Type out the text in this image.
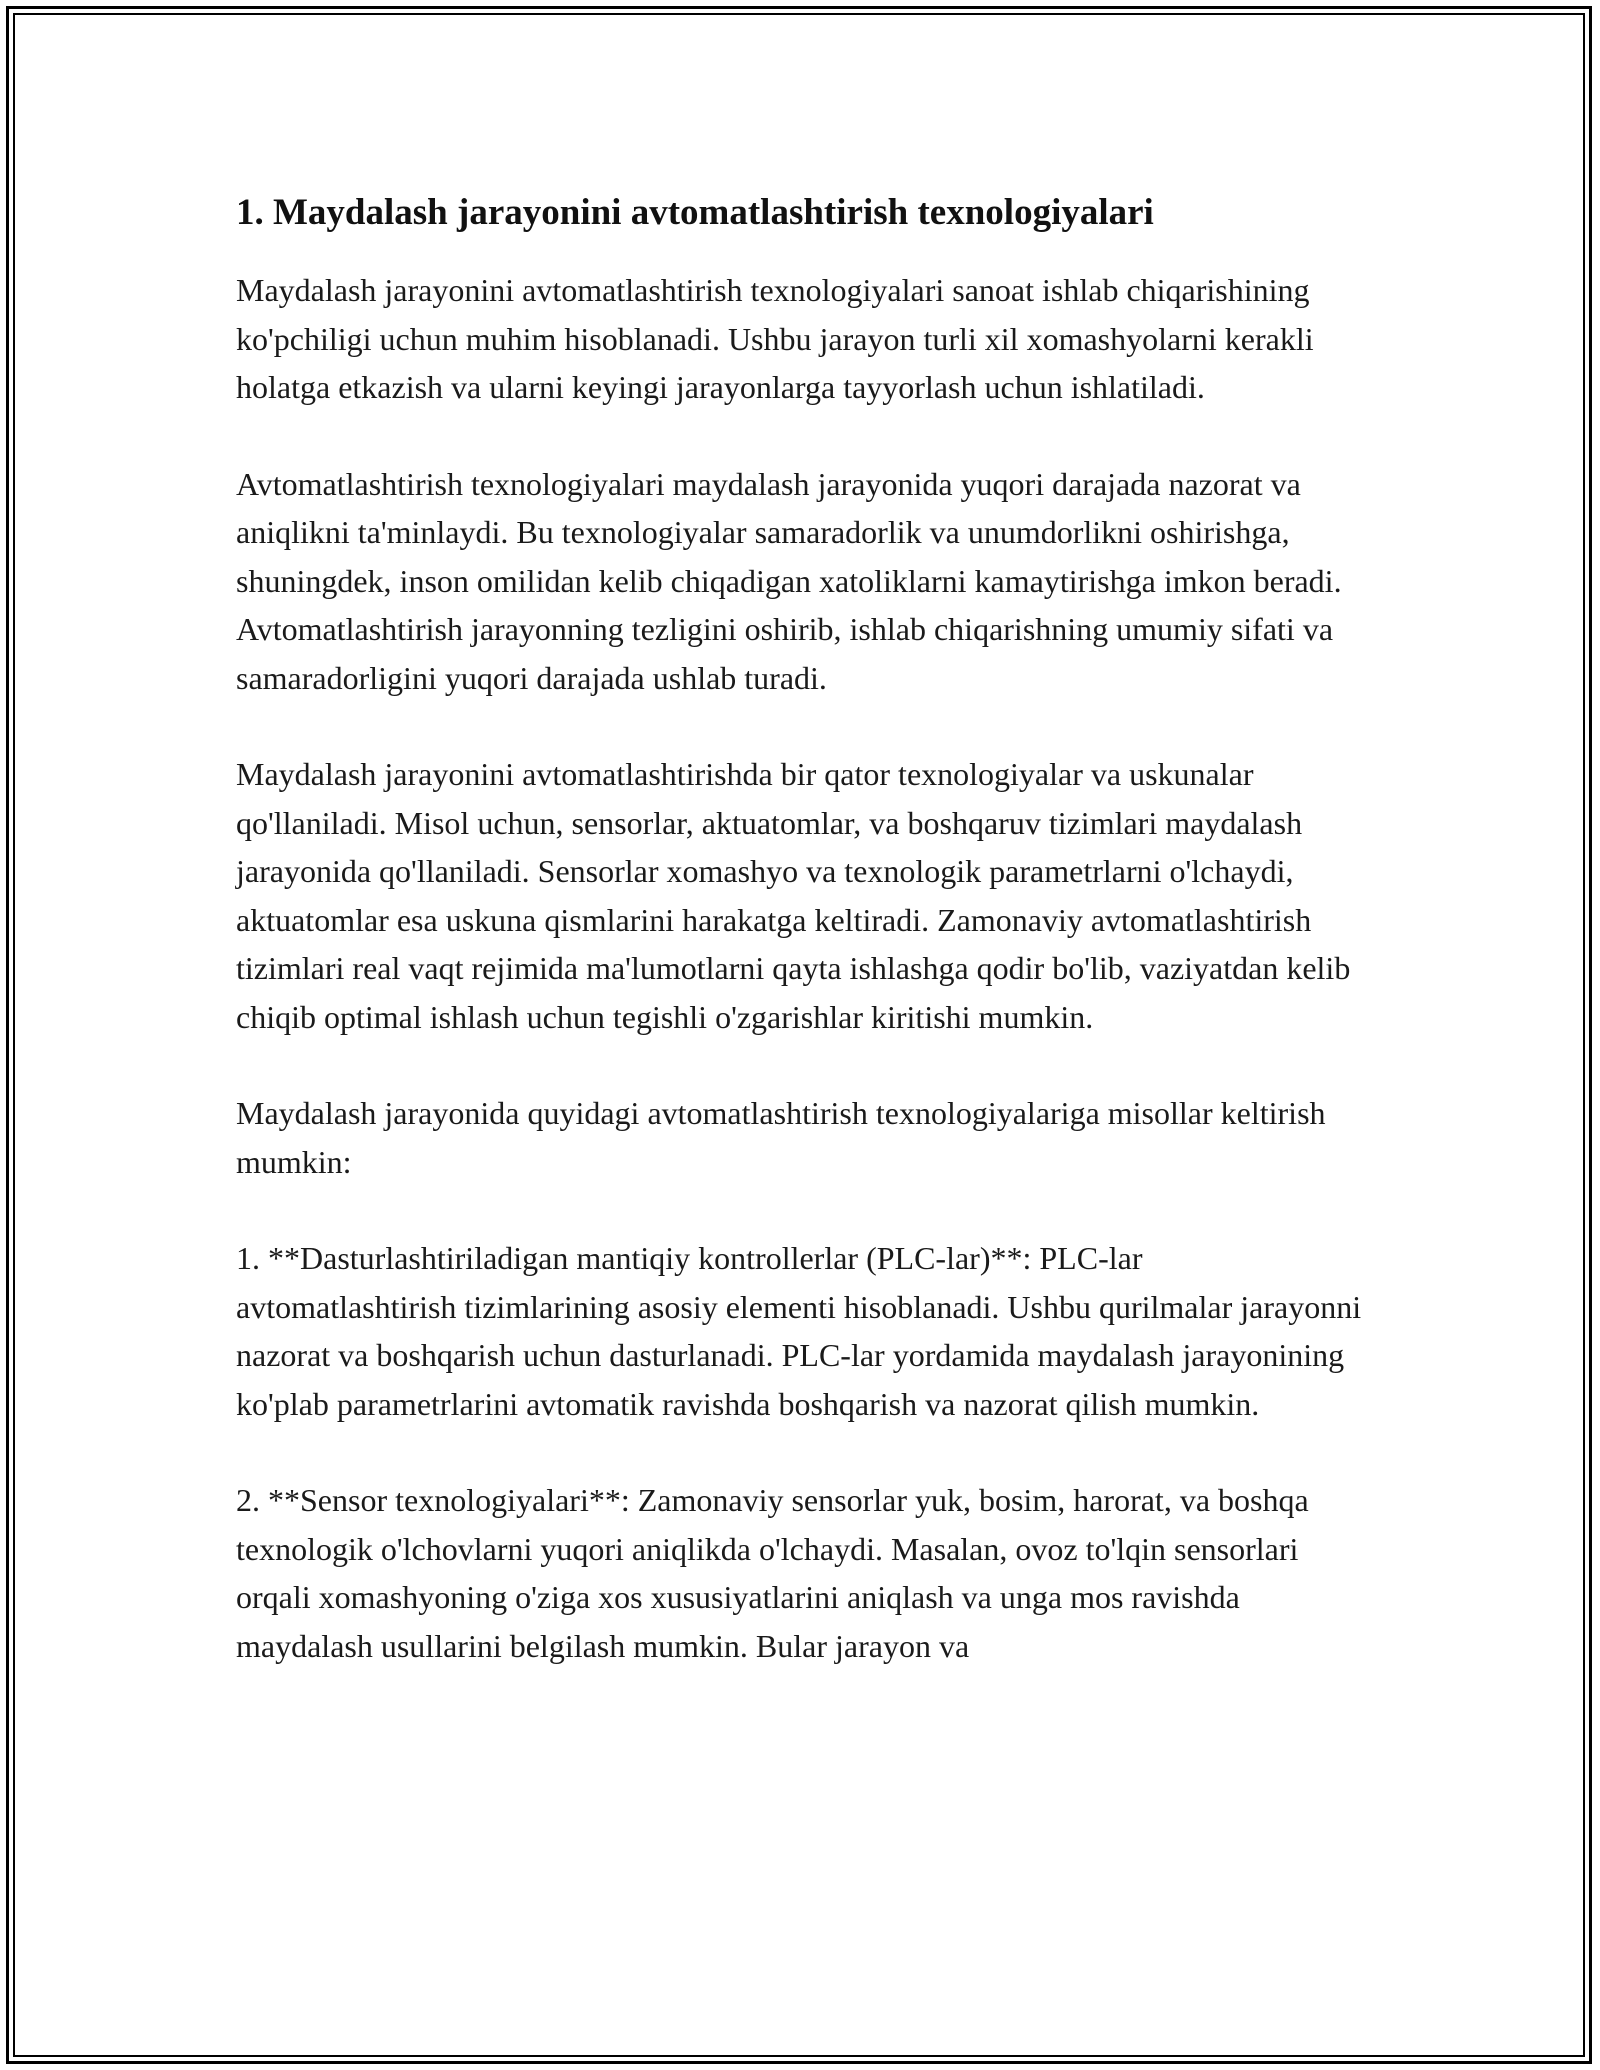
1. Maydalash jarayonini avtomatlashtirish texnologiyalari

Maydalash jarayonini avtomatlashtirish texnologiyalari sanoat ishlab chiqarishining ko'pchiligi uchun muhim hisoblanadi. Ushbu jarayon turli xil xomashyolarni kerakli holatga etkazish va ularni keyingi jarayonlarga tayyorlash uchun ishlatiladi.

Avtomatlashtirish texnologiyalari maydalash jarayonida yuqori darajada nazorat va aniqlikni ta'minlaydi. Bu texnologiyalar samaradorlik va unumdorlikni oshirishga, shuningdek, inson omilidan kelib chiqadigan xatoliklarni kamaytirishga imkon beradi. Avtomatlashtirish jarayonning tezligini oshirib, ishlab chiqarishning umumiy sifati va samaradorligini yuqori darajada ushlab turadi.

Maydalash jarayonini avtomatlashtirishda bir qator texnologiyalar va uskunalar qo'llaniladi. Misol uchun, sensorlar, aktuatomlar, va boshqaruv tizimlari maydalash jarayonida qo'llaniladi. Sensorlar xomashyo va texnologik parametrlarni o'lchaydi, aktuatomlar esa uskuna qismlarini harakatga keltiradi. Zamonaviy avtomatlashtirish tizimlari real vaqt rejimida ma'lumotlarni qayta ishlashga qodir bo'lib, vaziyatdan kelib chiqib optimal ishlash uchun tegishli o'zgarishlar kiritishi mumkin.

Maydalash jarayonida quyidagi avtomatlashtirish texnologiyalariga misollar keltirish mumkin:

1. **Dasturlashtiriladigan mantiqiy kontrollerlar (PLC-lar)**: PLC-lar avtomatlashtirish tizimlarining asosiy elementi hisoblanadi. Ushbu qurilmalar jarayonni nazorat va boshqarish uchun dasturlanadi. PLC-lar yordamida maydalash jarayonining ko'plab parametrlarini avtomatik ravishda boshqarish va nazorat qilish mumkin.

2. **Sensor texnologiyalari**: Zamonaviy sensorlar yuk, bosim, harorat, va boshqa texnologik o'lchovlarni yuqori aniqlikda o'lchaydi. Masalan, ovoz to'lqin sensorlari orqali xomashyoning o'ziga xos xususiyatlarini aniqlash va unga mos ravishda maydalash usullarini belgilash mumkin. Bular jarayon va
